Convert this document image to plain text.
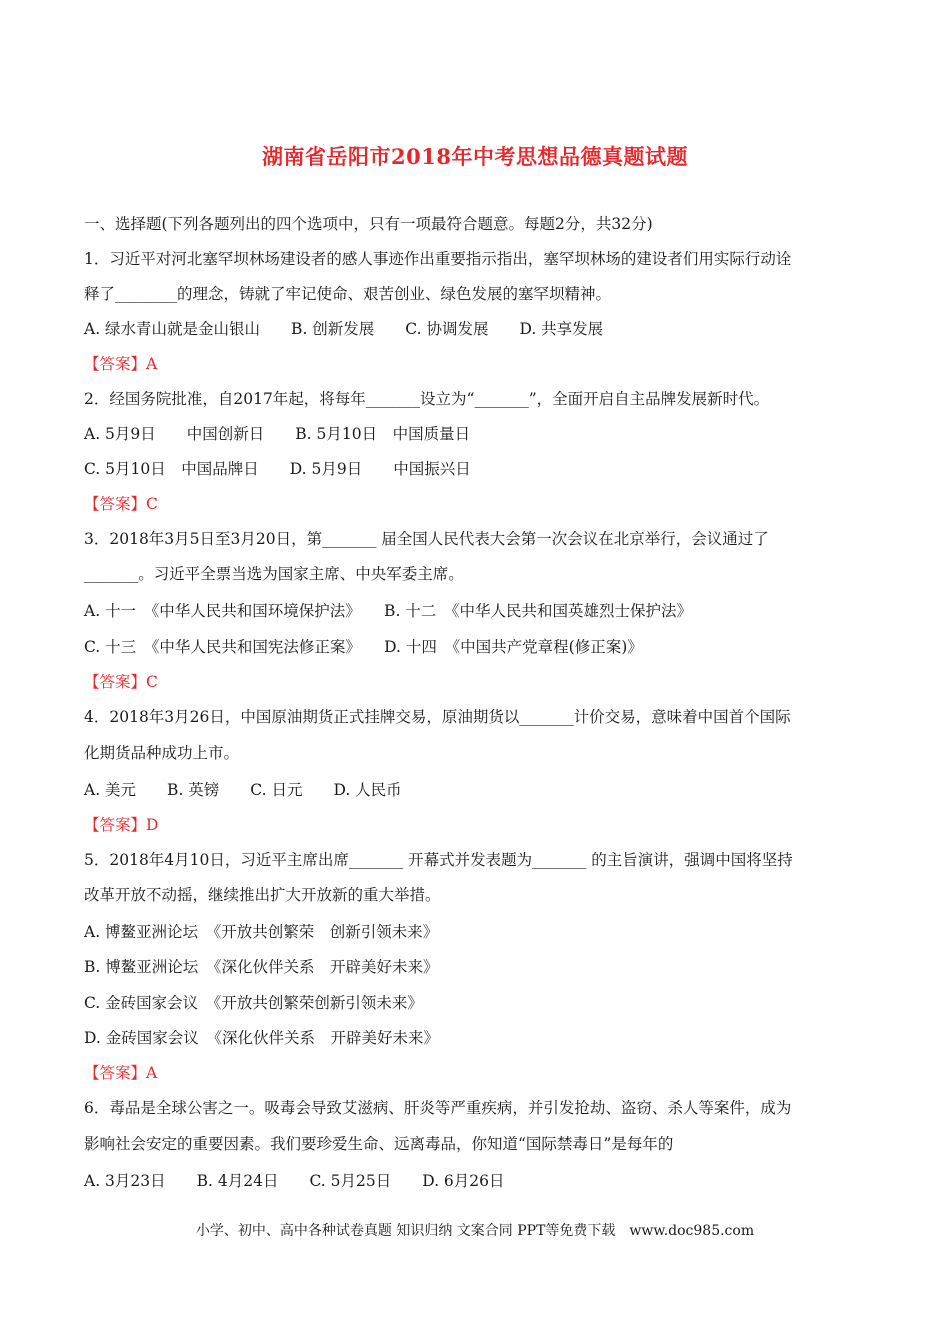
湖南省岳阳市2018年中考思想品德真题试题
一、选择题(下列各题列出的四个选项中，只有一项最符合题意。每题2分，共32分)
1．习近平对河北塞罕坝林场建设者的感人事迹作出重要指示指出，塞罕坝林场的建设者们用实际行动诠
释了________的理念，铸就了牢记使命、艰苦创业、绿色发展的塞罕坝精神。
A. 绿水青山就是金山银山　　B. 创新发展　　C. 协调发展　　D. 共享发展
【答案】A
2．经国务院批准，自2017年起，将每年_______设立为“_______”，全面开启自主品牌发展新时代。
A. 5月9日　　中国创新日　　B. 5月10日　中国质量日
C. 5月10日　中国品牌日　　D. 5月9日　　中国振兴日
【答案】C
3．2018年3月5日至3月20日，第_______ 届全国人民代表大会第一次会议在北京举行，会议通过了
_______。习近平全票当选为国家主席、中央军委主席。
A. 十一　《中华人民共和国环境保护法》　　B. 十二　《中华人民共和国英雄烈士保护法》
C. 十三　《中华人民共和国宪法修正案》　　D. 十四　《中国共产党章程(修正案)》
【答案】C
4．2018年3月26日，中国原油期货正式挂牌交易，原油期货以_______计价交易，意味着中国首个国际
化期货品种成功上市。
A. 美元　　B. 英镑　　C. 日元　　D. 人民币
【答案】D
5．2018年4月10日，习近平主席出席_______ 开幕式并发表题为_______ 的主旨演讲，强调中国将坚持
改革开放不动摇，继续推出扩大开放新的重大举措。
A. 博鳌亚洲论坛　《开放共创繁荣　创新引领未来》
B. 博鳌亚洲论坛　《深化伙伴关系　开辟美好未来》
C. 金砖国家会议　《开放共创繁荣创新引领未来》
D. 金砖国家会议　《深化伙伴关系　开辟美好未来》
【答案】A
6．毒品是全球公害之一。吸毒会导致艾滋病、肝炎等严重疾病，并引发抢劫、盗窃、杀人等案件，成为
影响社会安定的重要因素。我们要珍爱生命、远离毒品，你知道“国际禁毒日”是每年的
A. 3月23日　　B. 4月24日　　C. 5月25日　　D. 6月26日
小学、初中、高中各种试卷真题 知识归纳 文案合同 PPT等免费下载　www.doc985.com
